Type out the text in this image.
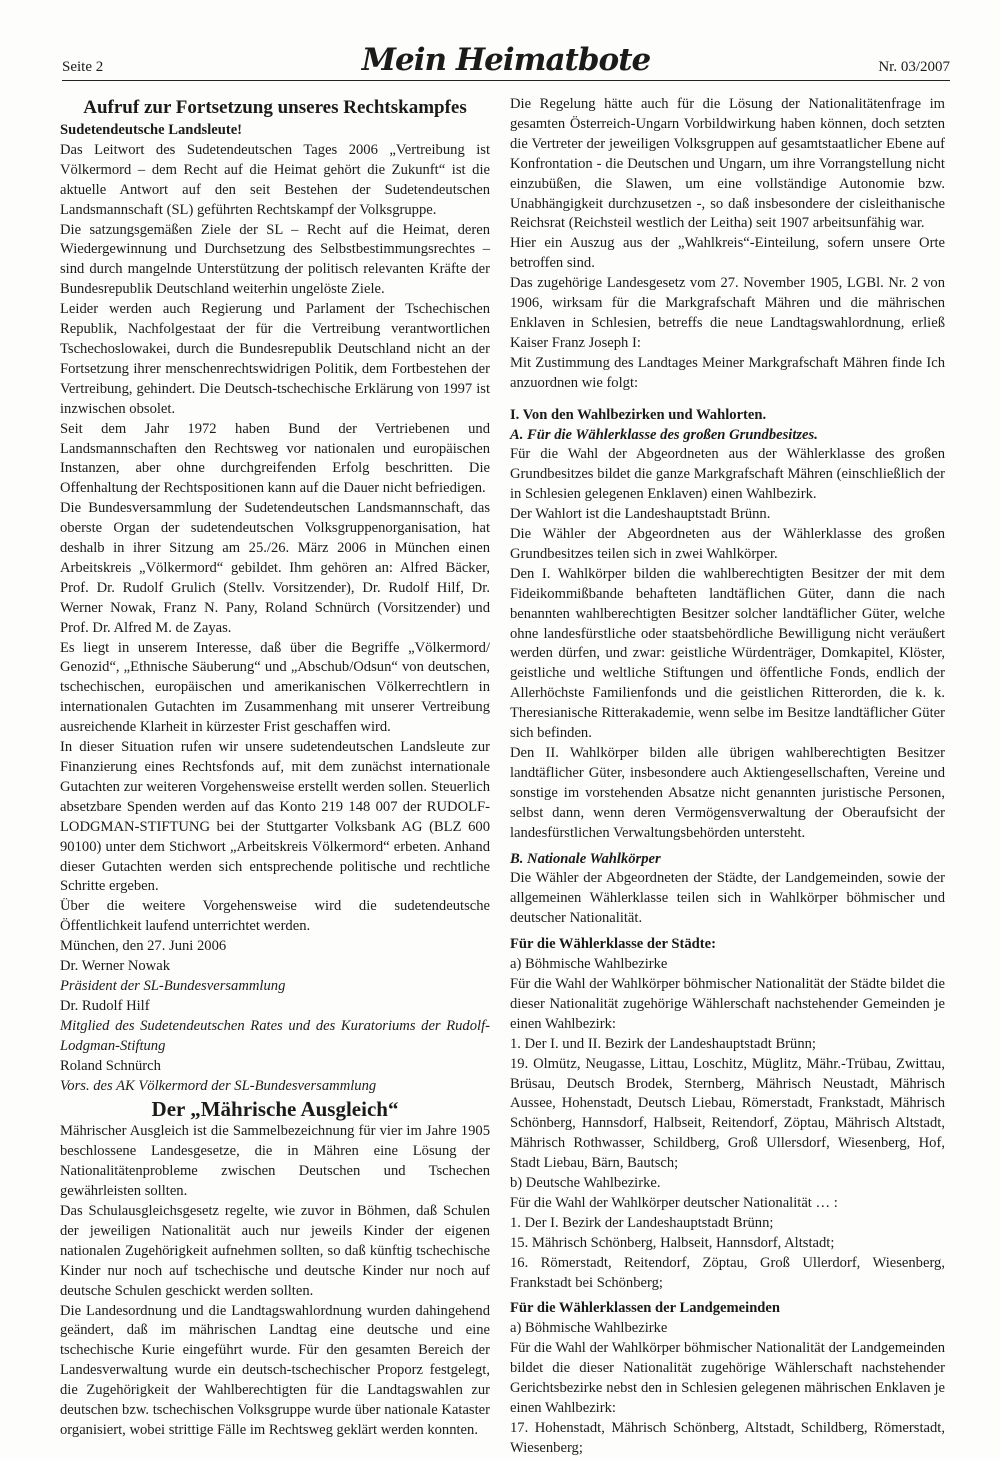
Seite 2	Mein Heimatbote	Nr. 03/2007

Aufruf zur Fortsetzung unseres Rechtskampfes

Sudetendeutsche Landsleute!

Das Leitwort des Sudetendeutschen Tages 2006 „Vertreibung ist Völkermord – dem Recht auf die Heimat gehört die Zukunft“ ist die aktuelle Antwort auf den seit Bestehen der Sudetendeutschen Landsmannschaft (SL) geführten Rechtskampf der Volksgruppe.

Die satzungsgemäßen Ziele der SL – Recht auf die Heimat, deren Wiedergewinnung und Durchsetzung des Selbstbestimmungsrechtes – sind durch mangelnde Unterstützung der politisch relevanten Kräfte der Bundesrepublik Deutschland weiterhin ungelöste Ziele.

Leider werden auch Regierung und Parlament der Tschechischen Republik, Nachfolgestaat der für die Vertreibung verantwortlichen Tschechoslowakei, durch die Bundesrepublik Deutschland nicht an der Fortsetzung ihrer menschenrechtswidrigen Politik, dem Fortbestehen der Vertreibung, gehindert. Die Deutsch-tschechische Erklärung von 1997 ist inzwischen obsolet.

Seit dem Jahr 1972 haben Bund der Vertriebenen und Landsmannschaften den Rechtsweg vor nationalen und europäischen Instanzen, aber ohne durchgreifenden Erfolg beschritten. Die Offenhaltung der Rechtspositionen kann auf die Dauer nicht befriedigen.

Die Bundesversammlung der Sudetendeutschen Landsmannschaft, das oberste Organ der sudetendeutschen Volksgruppenorganisation, hat deshalb in ihrer Sitzung am 25./26. März 2006 in München einen Arbeitskreis „Völkermord“ gebildet. Ihm gehören an: Alfred Bäcker, Prof. Dr. Rudolf Grulich (Stellv. Vorsitzender), Dr. Rudolf Hilf, Dr. Werner Nowak, Franz N. Pany, Roland Schnürch (Vorsitzender) und Prof. Dr. Alfred M. de Zayas.

Es liegt in unserem Interesse, daß über die Begriffe „Völkermord/ Genozid“, „Ethnische Säuberung“ und „Abschub/Odsun“ von deutschen, tschechischen, europäischen und amerikanischen Völkerrechtlern in internationalen Gutachten im Zusammenhang mit unserer Vertreibung ausreichende Klarheit in kürzester Frist geschaffen wird.

In dieser Situation rufen wir unsere sudetendeutschen Landsleute zur Finanzierung eines Rechtsfonds auf, mit dem zunächst internationale Gutachten zur weiteren Vorgehensweise erstellt werden sollen. Steuerlich absetzbare Spenden werden auf das Konto 219 148 007 der RUDOLF-LODGMAN-STIFTUNG bei der Stuttgarter Volksbank AG (BLZ 600 90100) unter dem Stichwort „Arbeitskreis Völkermord“ erbeten. Anhand dieser Gutachten werden sich entsprechende politische und rechtliche Schritte ergeben.

Über die weitere Vorgehensweise wird die sudetendeutsche Öffentlichkeit laufend unterrichtet werden.

München, den 27. Juni 2006

Dr. Werner Nowak

Präsident der SL-Bundesversammlung

Dr. Rudolf Hilf

Mitglied des Sudetendeutschen Rates und des Kuratoriums der Rudolf-Lodgman-Stiftung

Roland Schnürch

Vors. des AK Völkermord der SL-Bundesversammlung

Der „Mährische Ausgleich“

Mährischer Ausgleich ist die Sammelbezeichnung für vier im Jahre 1905 beschlossene Landesgesetze, die in Mähren eine Lösung der Nationalitätenprobleme zwischen Deutschen und Tschechen gewährleisten sollten.

Das Schulausgleichsgesetz regelte, wie zuvor in Böhmen, daß Schulen der jeweiligen Nationalität auch nur jeweils Kinder der eigenen nationalen Zugehörigkeit aufnehmen sollten, so daß künftig tschechische Kinder nur noch auf tschechische und deutsche Kinder nur noch auf deutsche Schulen geschickt werden sollten.

Die Landesordnung und die Landtagswahlordnung wurden dahingehend geändert, daß im mährischen Landtag eine deutsche und eine tschechische Kurie eingeführt wurde. Für den gesamten Bereich der Landesverwaltung wurde ein deutsch-tschechischer Proporz festgelegt, die Zugehörigkeit der Wahlberechtigten für die Landtagswahlen zur deutschen bzw. tschechischen Volksgruppe wurde über nationale Kataster organisiert, wobei strittige Fälle im Rechtsweg geklärt werden konnten.

Die Regelung hätte auch für die Lösung der Nationalitätenfrage im gesamten Österreich-Ungarn Vorbildwirkung haben können, doch setzten die Vertreter der jeweiligen Volksgruppen auf gesamtstaatlicher Ebene auf Konfrontation - die Deutschen und Ungarn, um ihre Vorrangstellung nicht einzubüßen, die Slawen, um eine vollständige Autonomie bzw. Unabhängigkeit durchzusetzen -, so daß insbesondere der cisleithanische Reichsrat (Reichsteil westlich der Leitha) seit 1907 arbeitsunfähig war.

Hier ein Auszug aus der „Wahlkreis“-Einteilung, sofern unsere Orte betroffen sind.

Das zugehörige Landesgesetz vom 27. November 1905, LGBl. Nr. 2 von 1906, wirksam für die Markgrafschaft Mähren und die mährischen Enklaven in Schlesien, betreffs die neue Landtagswahlordnung, erließ Kaiser Franz Joseph I:

Mit Zustimmung des Landtages Meiner Markgrafschaft Mähren finde Ich anzuordnen wie folgt:

I. Von den Wahlbezirken und Wahlorten.

A. Für die Wählerklasse des großen Grundbesitzes.

Für die Wahl der Abgeordneten aus der Wählerklasse des großen Grundbesitzes bildet die ganze Markgrafschaft Mähren (einschließlich der in Schlesien gelegenen Enklaven) einen Wahlbezirk.

Der Wahlort ist die Landeshauptstadt Brünn.

Die Wähler der Abgeordneten aus der Wählerklasse des großen Grundbesitzes teilen sich in zwei Wahlkörper.

Den I. Wahlkörper bilden die wahlberechtigten Besitzer der mit dem Fideikommißbande behafteten landtäflichen Güter, dann die nach benannten wahlberechtigten Besitzer solcher landtäflicher Güter, welche ohne landesfürstliche oder staatsbehördliche Bewilligung nicht veräußert werden dürfen, und zwar: geistliche Würdenträger, Domkapitel, Klöster, geistliche und weltliche Stiftungen und öffentliche Fonds, endlich der Allerhöchste Familienfonds und die geistlichen Ritterorden, die k. k. Theresianische Ritterakademie, wenn selbe im Besitze landtäflicher Güter sich befinden.

Den II. Wahlkörper bilden alle übrigen wahlberechtigten Besitzer landtäflicher Güter, insbesondere auch Aktiengesellschaften, Vereine und sonstige im vorstehenden Absatze nicht genannten juristische Personen, selbst dann, wenn deren Vermögensverwaltung der Oberaufsicht der landesfürstlichen Verwaltungsbehörden untersteht.

B. Nationale Wahlkörper

Die Wähler der Abgeordneten der Städte, der Landgemeinden, sowie der allgemeinen Wählerklasse teilen sich in Wahlkörper böhmischer und deutscher Nationalität.

Für die Wählerklasse der Städte:

a) Böhmische Wahlbezirke

Für die Wahl der Wahlkörper böhmischer Nationalität der Städte bildet die dieser Nationalität zugehörige Wählerschaft nachstehender Gemeinden je einen Wahlbezirk:

1. Der I. und II. Bezirk der Landeshauptstadt Brünn;

19. Olmütz, Neugasse, Littau, Loschitz, Müglitz, Mähr.-Trübau, Zwittau, Brüsau, Deutsch Brodek, Sternberg, Mährisch Neustadt, Mährisch Aussee, Hohenstadt, Deutsch Liebau, Römerstadt, Frankstadt, Mährisch Schönberg, Hannsdorf, Halbseit, Reitendorf, Zöptau, Mährisch Altstadt, Mährisch Rothwasser, Schildberg, Groß Ullersdorf, Wiesenberg, Hof, Stadt Liebau, Bärn, Bautsch;

b) Deutsche Wahlbezirke.

Für die Wahl der Wahlkörper deutscher Nationalität … :

1. Der I. Bezirk der Landeshauptstadt Brünn;

15. Mährisch Schönberg, Halbseit, Hannsdorf, Altstadt;

16. Römerstadt, Reitendorf, Zöptau, Groß Ullerdorf, Wiesenberg, Frankstadt bei Schönberg;

Für die Wählerklassen der Landgemeinden

a) Böhmische Wahlbezirke

Für die Wahl der Wahlkörper böhmischer Nationalität der Landgemeinden bildet die dieser Nationalität zugehörige Wählerschaft nachstehender Gerichtsbezirke nebst den in Schlesien gelegenen mährischen Enklaven je einen Wahlbezirk:

17. Hohenstadt, Mährisch Schönberg, Altstadt, Schildberg, Römerstadt, Wiesenberg;
